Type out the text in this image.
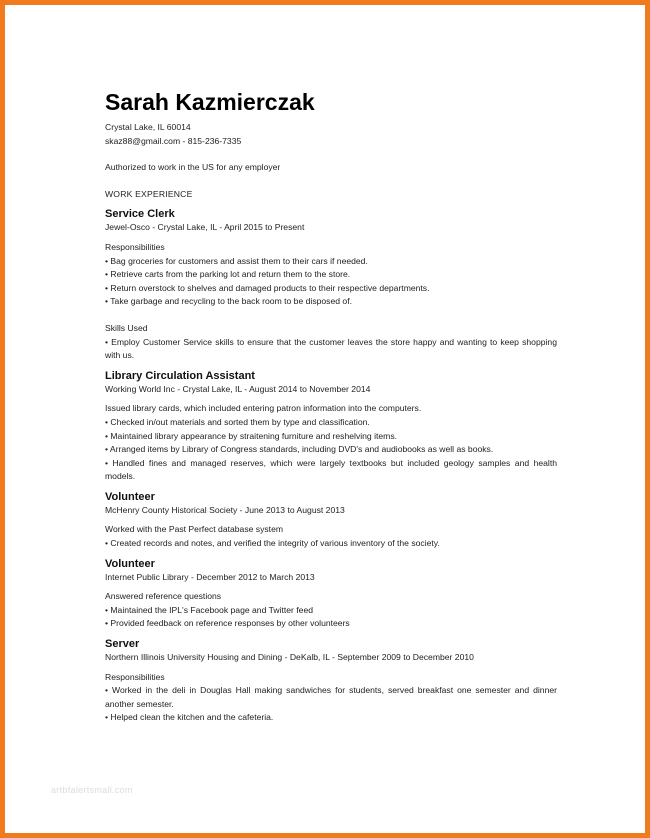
Sarah Kazmierczak
Crystal Lake, IL 60014
skaz88@gmail.com - 815-236-7335
Authorized to work in the US for any employer
WORK EXPERIENCE
Service Clerk
Jewel-Osco - Crystal Lake, IL - April 2015 to Present
Responsibilities
• Bag groceries for customers and assist them to their cars if needed.
• Retrieve carts from the parking lot and return them to the store.
• Return overstock to shelves and damaged products to their respective departments.
• Take garbage and recycling to the back room to be disposed of.
Skills Used
• Employ Customer Service skills to ensure that the customer leaves the store happy and wanting to keep shopping with us.
Library Circulation Assistant
Working World Inc - Crystal Lake, IL - August 2014 to November 2014
Issued library cards, which included entering patron information into the computers.
• Checked in/out materials and sorted them by type and classification.
• Maintained library appearance by straitening furniture and reshelving items.
• Arranged items by Library of Congress standards, including DVD's and audiobooks as well as books.
• Handled fines and managed reserves, which were largely textbooks but included geology samples and health models.
Volunteer
McHenry County Historical Society - June 2013 to August 2013
Worked with the Past Perfect database system
• Created records and notes, and verified the integrity of various inventory of the society.
Volunteer
Internet Public Library - December 2012 to March 2013
Answered reference questions
• Maintained the IPL's Facebook page and Twitter feed
• Provided feedback on reference responses by other volunteers
Server
Northern Illinois University Housing and Dining - DeKalb, IL - September 2009 to December 2010
Responsibilities
• Worked in the deli in Douglas Hall making sandwiches for students, served breakfast one semester and dinner another semester.
• Helped clean the kitchen and the cafeteria.
artbfalertsmall.com
